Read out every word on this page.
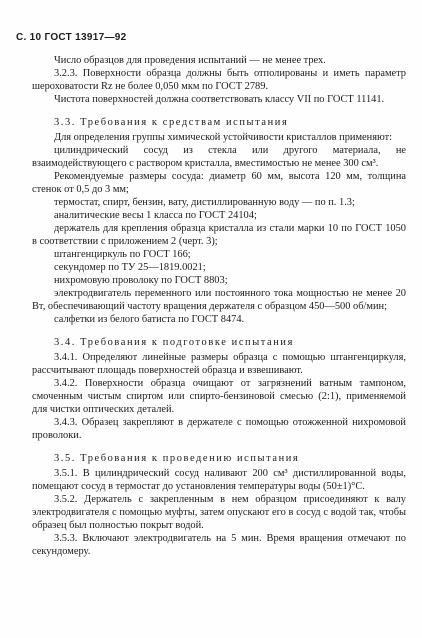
С. 10 ГОСТ 13917—92

Число образцов для проведения испытаний — не менее трех.

3.2.3. Поверхности образца должны быть отполированы и иметь параметр шероховатости Rz не более 0,050 мкм по ГОСТ 2789.

Чистота поверхностей должна соответствовать классу VII по ГОСТ 11141.

3.3. Требования к средствам испытания

Для определения группы химической устойчивости кристаллов применяют:

цилиндрический сосуд из стекла или другого материала, не взаимодействующего с раствором кристалла, вместимостью не менее 300 см³.

Рекомендуемые размеры сосуда: диаметр 60 мм, высота 120 мм, толщина стенок от 0,5 до 3 мм;

термостат, спирт, бензин, вату, дистиллированную воду — по п. 1.3;

аналитические весы 1 класса по ГОСТ 24104;

держатель для крепления образца кристалла из стали марки 10 по ГОСТ 1050 в соответствии с приложением 2 (черт. 3);

штангенциркуль по ГОСТ 166;

секундомер по ТУ 25—1819.0021;

нихромовую проволоку по ГОСТ 8803;

электродвигатель переменного или постоянного тока мощностью не менее 20 Вт, обеспечивающий частоту вращения держателя с образцом 450—500 об/мин;

салфетки из белого батиста по ГОСТ 8474.

3.4. Требования к подготовке испытания

3.4.1. Определяют линейные размеры образца с помощью штангенциркуля, рассчитывают площадь поверхностей образца и взвешивают.

3.4.2. Поверхности образца очищают от загрязнений ватным тампоном, смоченным чистым спиртом или спирто-бензиновой смесью (2:1), применяемой для чистки оптических деталей.

3.4.3. Образец закрепляют в держателе с помощью отожженной нихромовой проволоки.

3.5. Требования к проведению испытания

3.5.1. В цилиндрический сосуд наливают 200 см³ дистиллированной воды, помещают сосуд в термостат до установления температуры воды (50±1)°С.

3.5.2. Держатель с закрепленным в нем образцом присоединяют к валу электродвигателя с помощью муфты, затем опускают его в сосуд с водой так, чтобы образец был полностью покрыт водой.

3.5.3. Включают электродвигатель на 5 мин. Время вращения отмечают по секундомеру.
